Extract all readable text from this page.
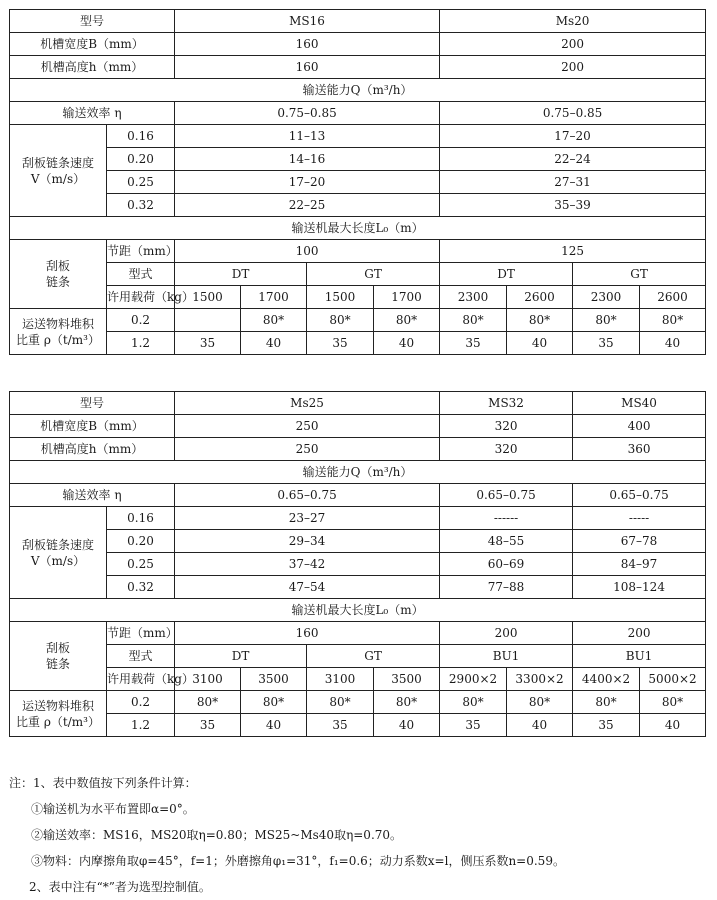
型号		MS16				Ms20			
机槽宽度B（mm）		160				200			
机槽高度h（mm）		160				200			
输送能力Q（m³/h）									
输送效率 η		0.75–0.85				0.75–0.85			

刮板链条速度
V（m/s）	0.16	11–13				17–20			
	0.20	14–16				22–24			
	0.25	17–20				27–31			
	0.32	22–25				35–39			
输送机最大长度L₀（m）									

刮板
链条	节距（mm）	100				125			
	型式	DT		GT		DT		GT	
	许用载荷（kg）	1500	1700	1500	1700	2300	2600	2300	2600

运送物料堆积
比重 ρ（t/m³）	0.2		80*	80*	80*	80*	80*	80*	80*
	1.2	35	40	35	40	35	40	35	40
型号		Ms25				MS32		MS40	
机槽宽度B（mm）		250				320		400	
机槽高度h（mm）		250				320		360	
输送能力Q（m³/h）									
输送效率 η		0.65–0.75				0.65–0.75		0.65–0.75	

刮板链条速度
V（m/s）	0.16	23–27				------		-----	
	0.20	29–34				48–55		67–78	
	0.25	37–42				60–69		84–97	
	0.32	47–54				77–88		108–124	
输送机最大长度L₀（m）									

刮板
链条	节距（mm）	160				200		200	
	型式	DT		GT		BU1		BU1	
	许用载荷（kg）	3100	3500	3100	3500	2900×2	3300×2	4400×2	5000×2

运送物料堆积
比重 ρ（t/m³）	0.2	80*	80*	80*	80*	80*	80*	80*	80*
	1.2	35	40	35	40	35	40	35	40
注：1、表中数值按下列条件计算：
①输送机为水平布置即α=0°。
②输送效率：MS16，MS20取η=0.80；MS25~Ms40取η=0.70。
③物料：内摩擦角取φ=45°，f=1；外磨擦角φ₁=31°，f₁=0.6；动力系数x=l，侧压系数n=0.59。
2、表中注有“*”者为选型控制值。
